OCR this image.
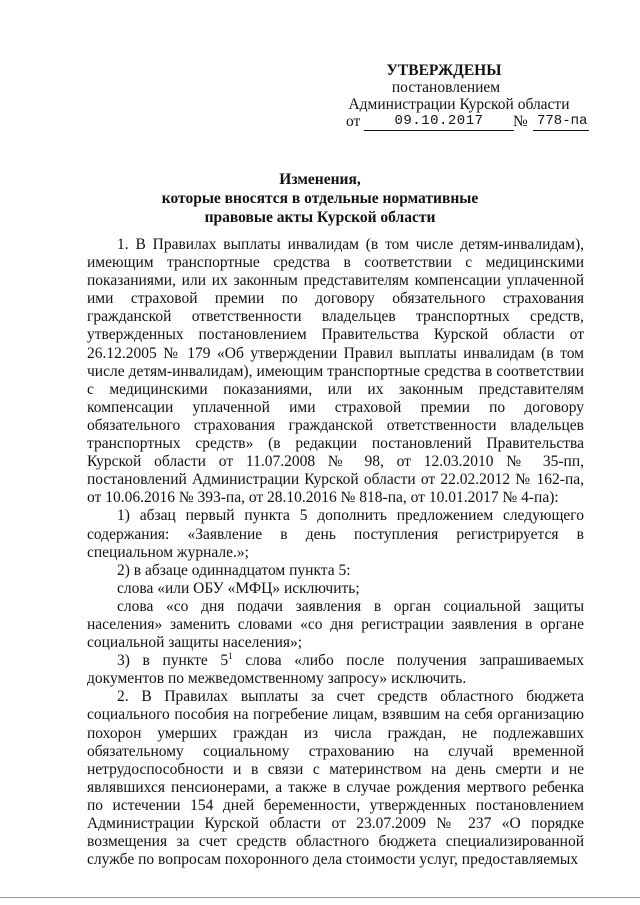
УТВЕРЖДЕНЫ
постановлением
Администрации Курской области
от	09.10.2017	№ 778-па
Изменения,
которые вносятся в отдельные нормативные
правовые акты Курской области

1. В Правилах выплаты инвалидам (в том числе детям-инвалидам), имеющим транспортные средства в соответствии с медицинскими показаниями, или их законным представителям компенсации уплаченной ими страховой премии по договору обязательного страхования гражданской ответственности владельцев транспортных средств, утвержденных постановлением Правительства Курской области от 26.12.2005 № 179 «Об утверждении Правил выплаты инвалидам (в том числе детям-инвалидам), имеющим транспортные средства в соответствии с медицинскими показаниями, или их законным представителям компенсации уплаченной ими страховой премии по договору обязательного страхования гражданской ответственности владельцев транспортных средств» (в редакции постановлений Правительства Курской области от 11.07.2008 № 98, от 12.03.2010 № 35-пп, постановлений Администрации Курской области от 22.02.2012 № 162-па, от 10.06.2016 № 393-па, от 28.10.2016 № 818-па, от 10.01.2017 № 4-па):

1) абзац первый пункта 5 дополнить предложением следующего содержания: «Заявление в день поступления регистрируется в специальном журнале.»;

2) в абзаце одиннадцатом пункта 5:

слова «или ОБУ «МФЦ» исключить;

слова «со дня подачи заявления в орган социальной защиты населения» заменить словами «со дня регистрации заявления в органе социальной защиты населения»;

3) в пункте $5^1$ слова «либо после получения запрашиваемых документов по межведомственному запросу» исключить.

2. В Правилах выплаты за счет средств областного бюджета социального пособия на погребение лицам, взявшим на себя организацию похорон умерших граждан из числа граждан, не подлежавших обязательному социальному страхованию на случай временной нетрудоспособности и в связи с материнством на день смерти и не являвшихся пенсионерами, а также в случае рождения мертвого ребенка по истечении 154 дней беременности, утвержденных постановлением Администрации Курской области от 23.07.2009 № 237 «О порядке возмещения за счет средств областного бюджета специализированной службе по вопросам похоронного дела стоимости услуг, предоставляемых
